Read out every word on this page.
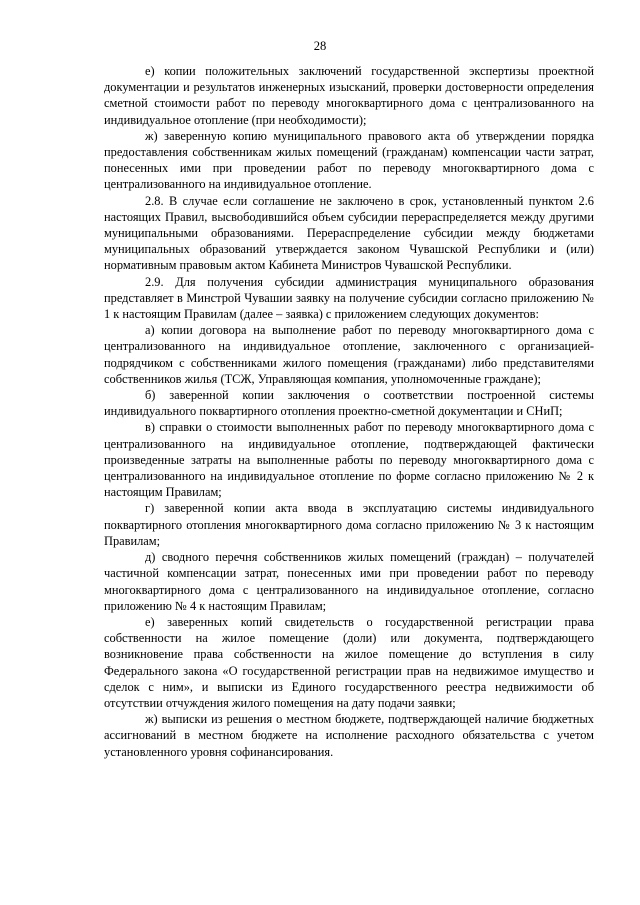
28

е) копии положительных заключений государственной экспертизы проектной документации и результатов инженерных изысканий, проверки достоверности определения сметной стоимости работ по переводу многоквартирного дома с централизованного на индивидуальное отопление (при необходимости);

ж) заверенную копию муниципального правового акта об утверждении порядка предоставления собственникам жилых помещений (гражданам) компенсации части затрат, понесенных ими при проведении работ по переводу многоквартирного дома с централизованного на индивидуальное отопление.

2.8. В случае если соглашение не заключено в срок, установленный пунктом 2.6 настоящих Правил, высвободившийся объем субсидии перераспределяется между другими муниципальными образованиями. Перераспределение субсидии между бюджетами муниципальных образований утверждается законом Чувашской Республики и (или) нормативным правовым актом Кабинета Министров Чувашской Республики.

2.9. Для получения субсидии администрация муниципального образования представляет в Минстрой Чувашии заявку на получение субсидии согласно приложению № 1 к настоящим Правилам (далее – заявка) с приложением следующих документов:

а) копии договора на выполнение работ по переводу многоквартирного дома с централизованного на индивидуальное отопление, заключенного с организацией-подрядчиком с собственниками жилого помещения (гражданами) либо представителями собственников жилья (ТСЖ, Управляющая компания, уполномоченные граждане);

б) заверенной копии заключения о соответствии построенной системы индивидуального поквартирного отопления проектно-сметной документации и СНиП;

в) справки о стоимости выполненных работ по переводу многоквартирного дома с централизованного на индивидуальное отопление, подтверждающей фактически произведенные затраты на выполненные работы по переводу многоквартирного дома с централизованного на индивидуальное отопление по форме согласно приложению № 2 к настоящим Правилам;

г) заверенной копии акта ввода в эксплуатацию системы индивидуального поквартирного отопления многоквартирного дома согласно приложению № 3 к настоящим Правилам;

д) сводного перечня собственников жилых помещений (граждан) – получателей частичной компенсации затрат, понесенных ими при проведении работ по переводу многоквартирного дома с централизованного на индивидуальное отопление, согласно приложению № 4 к настоящим Правилам;

е) заверенных копий свидетельств о государственной регистрации права собственности на жилое помещение (доли) или документа, подтверждающего возникновение права собственности на жилое помещение до вступления в силу Федерального закона «О государственной регистрации прав на недвижимое имущество и сделок с ним», и выписки из Единого государственного реестра недвижимости об отсутствии отчуждения жилого помещения на дату подачи заявки;

ж) выписки из решения о местном бюджете, подтверждающей наличие бюджетных ассигнований в местном бюджете на исполнение расходного обязательства с учетом установленного уровня софинансирования.
